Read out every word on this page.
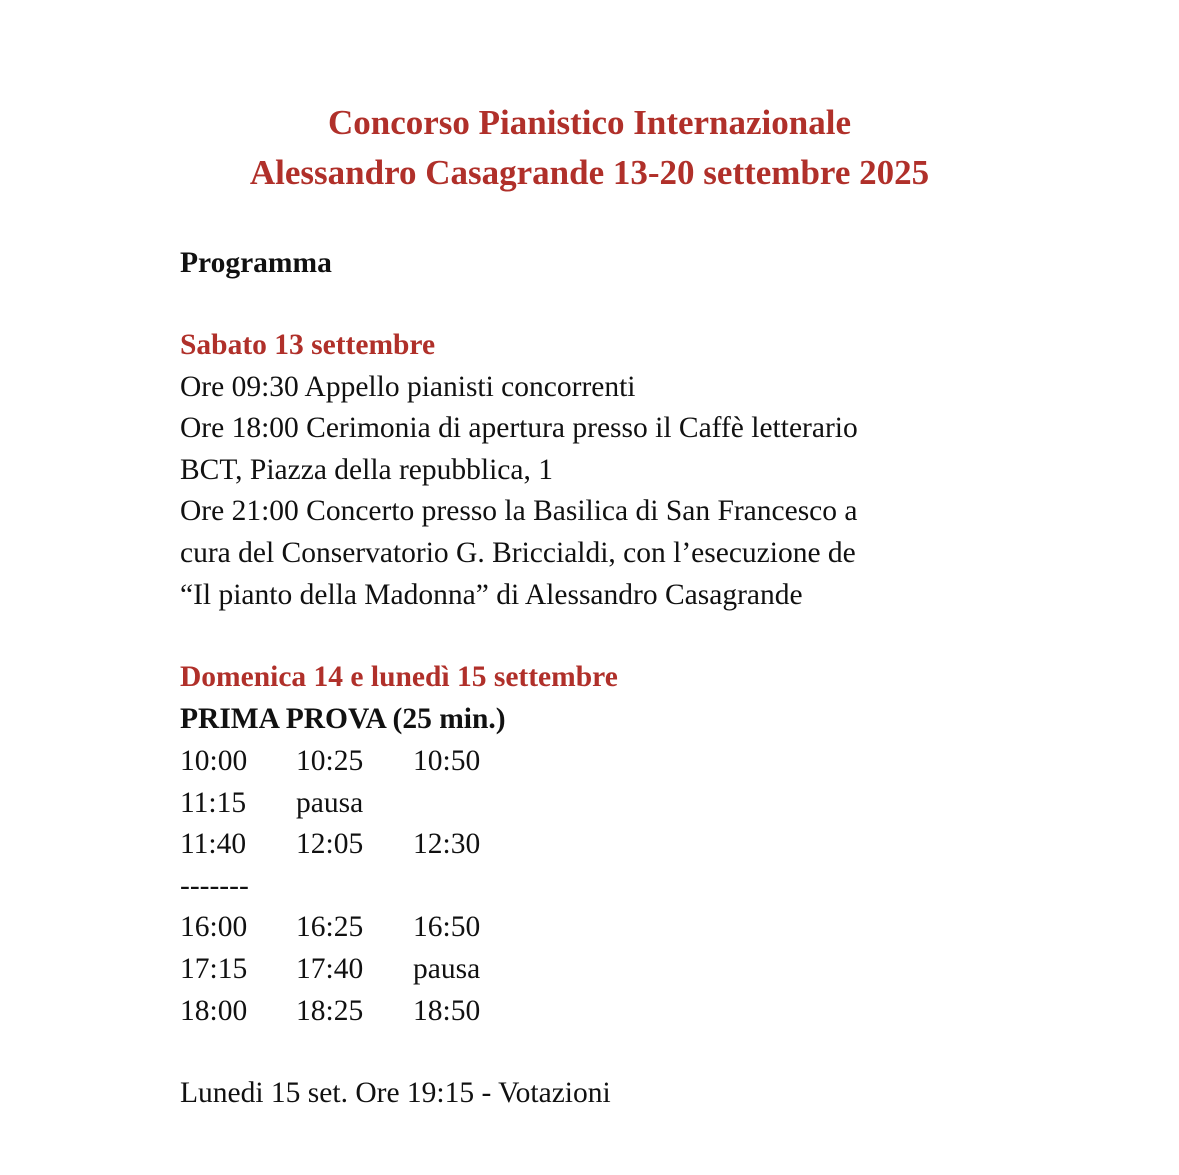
Concorso Pianistico Internazionale
Alessandro Casagrande 13-20 settembre 2025
Programma
Sabato 13 settembre
Ore 09:30 Appello pianisti concorrenti
Ore 18:00 Cerimonia di apertura presso il Caffè letterario
BCT, Piazza della repubblica, 1
Ore 21:00 Concerto presso la Basilica di San Francesco a
cura del Conservatorio G. Briccialdi, con l’esecuzione de
“Il pianto della Madonna” di Alessandro Casagrande
Domenica 14 e lunedì 15 settembre
PRIMA PROVA (25 min.)
10:00 10:25 10:50
11:15 pausa
11:40 12:05 12:30
-------
16:00 16:25 16:50
17:15 17:40 pausa
18:00 18:25 18:50
Lunedi 15 set. Ore 19:15 - Votazioni
